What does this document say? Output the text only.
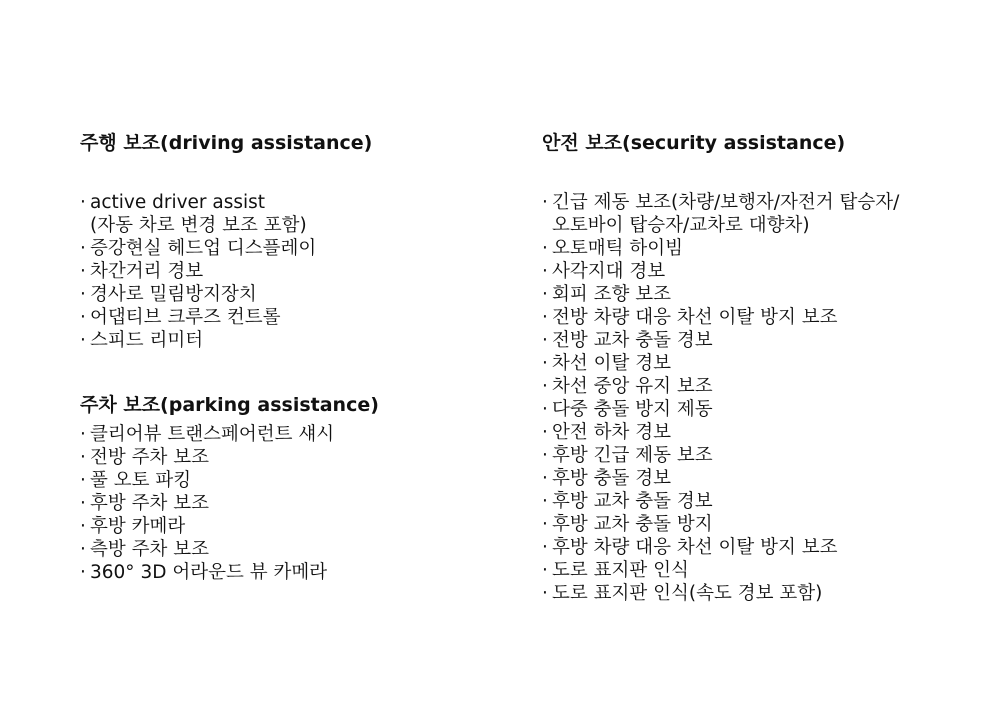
주행 보조(driving assistance)
· active driver assist
(자동 차로 변경 보조 포함)
· 증강현실 헤드업 디스플레이
· 차간거리 경보
· 경사로 밀림방지장치
· 어댑티브 크루즈 컨트롤
· 스피드 리미터
주차 보조(parking assistance)
· 클리어뷰 트랜스페어런트 섀시
· 전방 주차 보조
· 풀 오토 파킹
· 후방 주차 보조
· 후방 카메라
· 측방 주차 보조
· 360° 3D 어라운드 뷰 카메라
안전 보조(security assistance)
· 긴급 제동 보조(차량/보행자/자전거 탑승자/
오토바이 탑승자/교차로 대향차)
· 오토매틱 하이빔
· 사각지대 경보
· 회피 조향 보조
· 전방 차량 대응 차선 이탈 방지 보조
· 전방 교차 충돌 경보
· 차선 이탈 경보
· 차선 중앙 유지 보조
· 다중 충돌 방지 제동
· 안전 하차 경보
· 후방 긴급 제동 보조
· 후방 충돌 경보
· 후방 교차 충돌 경보
· 후방 교차 충돌 방지
· 후방 차량 대응 차선 이탈 방지 보조
· 도로 표지판 인식
· 도로 표지판 인식(속도 경보 포함)
